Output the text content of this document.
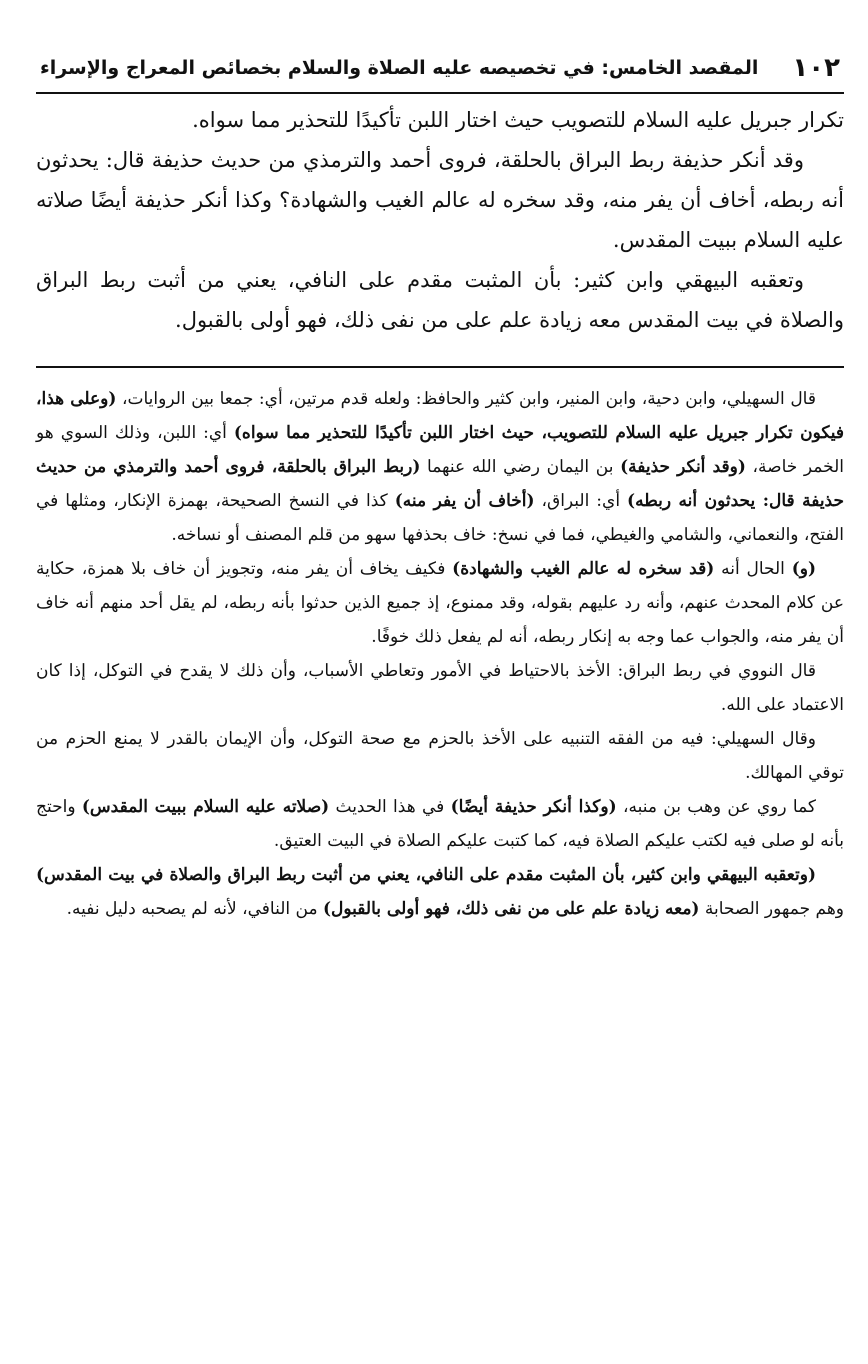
١٠٢
المقصد الخامس: في تخصيصه عليه الصلاة والسلام بخصائص المعراج والإسراء

تكرار جبريل عليه السلام للتصويب حيث اختار اللبن تأكيدًا للتحذير مما سواه.

وقد أنكر حذيفة ربط البراق بالحلقة، فروى أحمد والترمذي من حديث حذيفة قال: يحدثون أنه ربطه، أخاف أن يفر منه، وقد سخره له عالم الغيب والشهادة؟ وكذا أنكر حذيفة أيضًا صلاته عليه السلام ببيت المقدس.

وتعقبه البيهقي وابن كثير: بأن المثبت مقدم على النافي، يعني من أثبت ربط البراق والصلاة في بيت المقدس معه زيادة علم على من نفى ذلك، فهو أولى بالقبول.

قال السهيلي، وابن دحية، وابن المنير، وابن كثير والحافظ: ولعله قدم مرتين، أي: جمعا بين الروايات، (وعلى هذا، فيكون تكرار جبريل عليه السلام للتصويب، حيث اختار اللبن تأكيدًا للتحذير مما سواه) أي: اللبن، وذلك السوي هو الخمر خاصة، (وقد أنكر حذيفة) بن اليمان رضي الله عنهما (ربط البراق بالحلقة، فروى أحمد والترمذي من حديث حذيفة قال: يحدثون أنه ربطه) أي: البراق، (أخاف أن يفر منه) كذا في النسخ الصحيحة، بهمزة الإنكار، ومثلها في الفتح، والنعماني، والشامي والغيطي، فما في نسخ: خاف بحذفها سهو من قلم المصنف أو نساخه.

(و) الحال أنه (قد سخره له عالم الغيب والشهادة) فكيف يخاف أن يفر منه، وتجويز أن خاف بلا همزة، حكاية عن كلام المحدث عنهم، وأنه رد عليهم بقوله، وقد ممنوع، إذ جميع الذين حدثوا بأنه ربطه، لم يقل أحد منهم أنه خاف أن يفر منه، والجواب عما وجه به إنكار ربطه، أنه لم يفعل ذلك خوفًا.

قال النووي في ربط البراق: الأخذ بالاحتياط في الأمور وتعاطي الأسباب، وأن ذلك لا يقدح في التوكل، إذا كان الاعتماد على الله.

وقال السهيلي: فيه من الفقه التنبيه على الأخذ بالحزم مع صحة التوكل، وأن الإيمان بالقدر لا يمنع الحزم من توقي المهالك.

كما روي عن وهب بن منبه، (وكذا أنكر حذيفة أيضًا) في هذا الحديث (صلاته عليه السلام ببيت المقدس) واحتج بأنه لو صلى فيه لكتب عليكم الصلاة فيه، كما كتبت عليكم الصلاة في البيت العتيق.

(وتعقبه البيهقي وابن كثير، بأن المثبت مقدم على النافي، يعني من أثبت ربط البراق والصلاة في بيت المقدس) وهم جمهور الصحابة (معه زيادة علم على من نفى ذلك، فهو أولى بالقبول) من النافي، لأنه لم يصحبه دليل نفيه.
